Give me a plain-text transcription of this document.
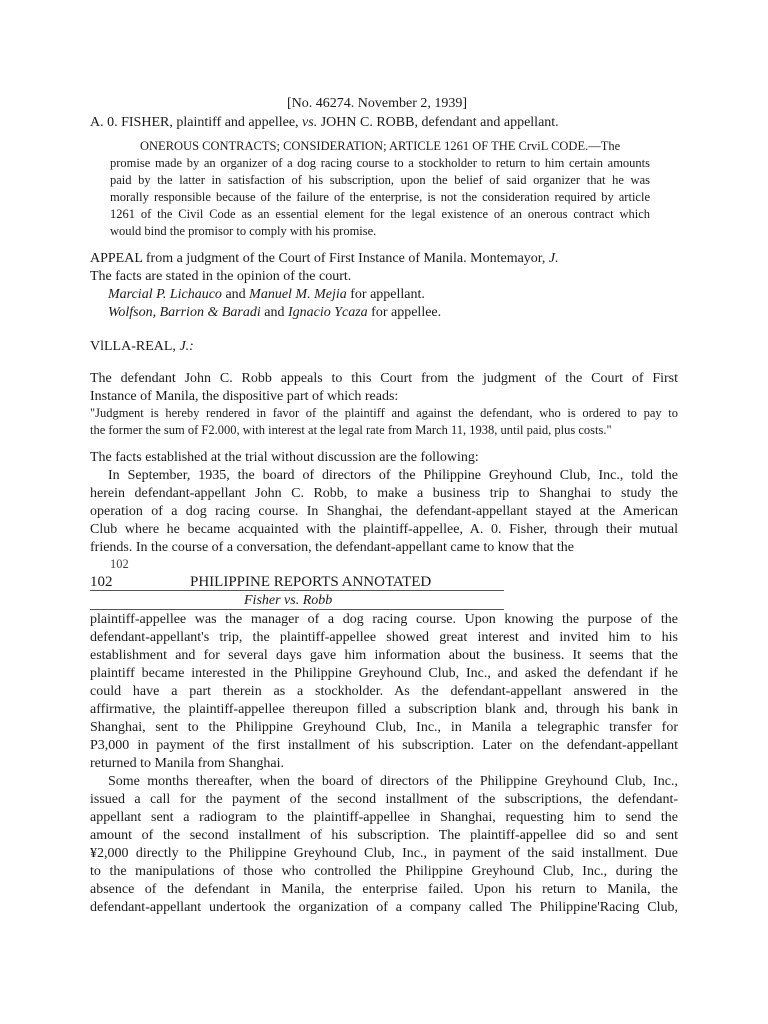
[No. 46274. November 2, 1939]
A. 0. FISHER, plaintiff and appellee, vs. JOHN C. ROBB, defendant and appellant.
ONEROUS CONTRACTS; CONSIDERATION; ARTICLE 1261 OF THE CrviL CODE.—The
promise made by an organizer of a dog racing course to a stockholder to return to him certain amounts
paid by the latter in satisfaction of his subscription, upon the belief of said organizer that he was
morally responsible because of the failure of the enterprise, is not the consideration required by article
1261 of the Civil Code as an essential element for the legal existence of an onerous contract which
would bind the promisor to comply with his promise.
APPEAL from a judgment of the Court of First Instance of Manila. Montemayor, J.
The facts are stated in the opinion of the court.
Marcial P. Lichauco and Manuel M. Mejia for appellant.
Wolfson, Barrion & Baradi and Ignacio Ycaza for appellee.
VlLLA-REAL, J.:
The defendant John C. Robb appeals to this Court from the judgment of the Court of First
Instance of Manila, the dispositive part of which reads:
"Judgment is hereby rendered in favor of the plaintiff and against the defendant, who is ordered to pay to
the former the sum of F2.000, with interest at the legal rate from March 11, 1938, until paid, plus costs."
The facts established at the trial without discussion are the following:
In September, 1935, the board of directors of the Philippine Greyhound Club, Inc., told the
herein defendant-appellant John C. Robb, to make a business trip to Shanghai to study the
operation of a dog racing course. In Shanghai, the defendant-appellant stayed at the American
Club where he became acquainted with the plaintiff-appellee, A. 0. Fisher, through their mutual
friends. In the course of a conversation, the defendant-appellant came to know that the
102
102	PHILIPPINE REPORTS ANNOTATED
Fisher vs. Robb
plaintiff-appellee was the manager of a dog racing course. Upon knowing the purpose of the
defendant-appellant's trip, the plaintiff-appellee showed great interest and invited him to his
establishment and for several days gave him information about the business. It seems that the
plaintiff became interested in the Philippine Greyhound Club, Inc., and asked the defendant if he
could have a part therein as a stockholder. As the defendant-appellant answered in the
affirmative, the plaintiff-appellee thereupon filled a subscription blank and, through his bank in
Shanghai, sent to the Philippine Greyhound Club, Inc., in Manila a telegraphic transfer for
P3,000 in payment of the first installment of his subscription. Later on the defendant-appellant
returned to Manila from Shanghai.
Some months thereafter, when the board of directors of the Philippine Greyhound Club, Inc.,
issued a call for the payment of the second installment of the subscriptions, the defendant-
appellant sent a radiogram to the plaintiff-appellee in Shanghai, requesting him to send the
amount of the second installment of his subscription. The plaintiff-appellee did so and sent
¥2,000 directly to the Philippine Greyhound Club, Inc., in payment of the said installment. Due
to the manipulations of those who controlled the Philippine Greyhound Club, Inc., during the
absence of the defendant in Manila, the enterprise failed. Upon his return to Manila, the
defendant-appellant undertook the organization of a company called The Philippine'Racing Club,
